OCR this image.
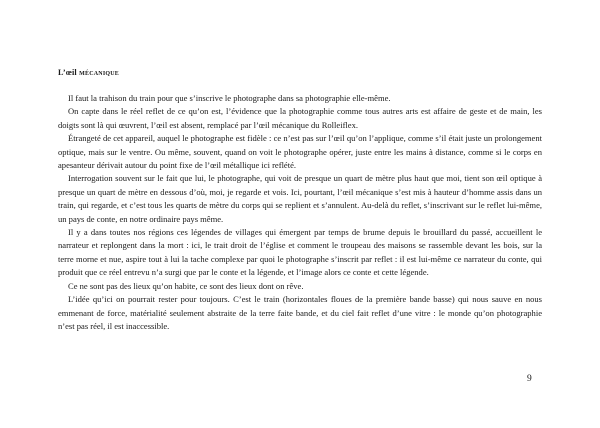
L’œil mécanique

Il faut la trahison du train pour que s’inscrive le photographe dans sa photographie elle-même.

On capte dans le réel reflet de ce qu’on est, l’évidence que la photographie comme tous autres arts est affaire de geste et de main, les doigts sont là qui œuvrent, l’œil est absent, remplacé par l’œil mécanique du Rolleiflex.

Étrangeté de cet appareil, auquel le photographe est fidèle : ce n’est pas sur l’œil qu’on l’applique, comme s’il était juste un prolongement optique, mais sur le ventre. Ou même, souvent, quand on voit le photographe opérer, juste entre les mains à distance, comme si le corps en apesanteur dérivait autour du point fixe de l’œil métallique ici reflété.

Interrogation souvent sur le fait que lui, le photographe, qui voit de presque un quart de mètre plus haut que moi, tient son œil optique à presque un quart de mètre en dessous d’où, moi, je regarde et vois. Ici, pourtant, l’œil mécanique s’est mis à hauteur d’homme assis dans un train, qui regarde, et c’est tous les quarts de mètre du corps qui se replient et s’annulent. Au-delà du reflet, s’inscrivant sur le reflet lui-même, un pays de conte, en notre ordinaire pays même.

Il y a dans toutes nos régions ces légendes de villages qui émergent par temps de brume depuis le brouillard du passé, accueillent le narrateur et replongent dans la mort : ici, le trait droit de l’église et comment le troupeau des maisons se rassemble devant les bois, sur la terre morne et nue, aspire tout à lui la tache complexe par quoi le photographe s’inscrit par reflet : il est lui-même ce narrateur du conte, qui produit que ce réel entrevu n’a surgi que par le conte et la légende, et l’image alors ce conte et cette légende.

Ce ne sont pas des lieux qu’on habite, ce sont des lieux dont on rêve.

L’idée qu’ici on pourrait rester pour toujours. C’est le train (horizontales floues de la première bande basse) qui nous sauve en nous emmenant de force, matérialité seulement abstraite de la terre faite bande, et du ciel fait reflet d’une vitre : le monde qu’on photographie n’est pas réel, il est inaccessible.

9
